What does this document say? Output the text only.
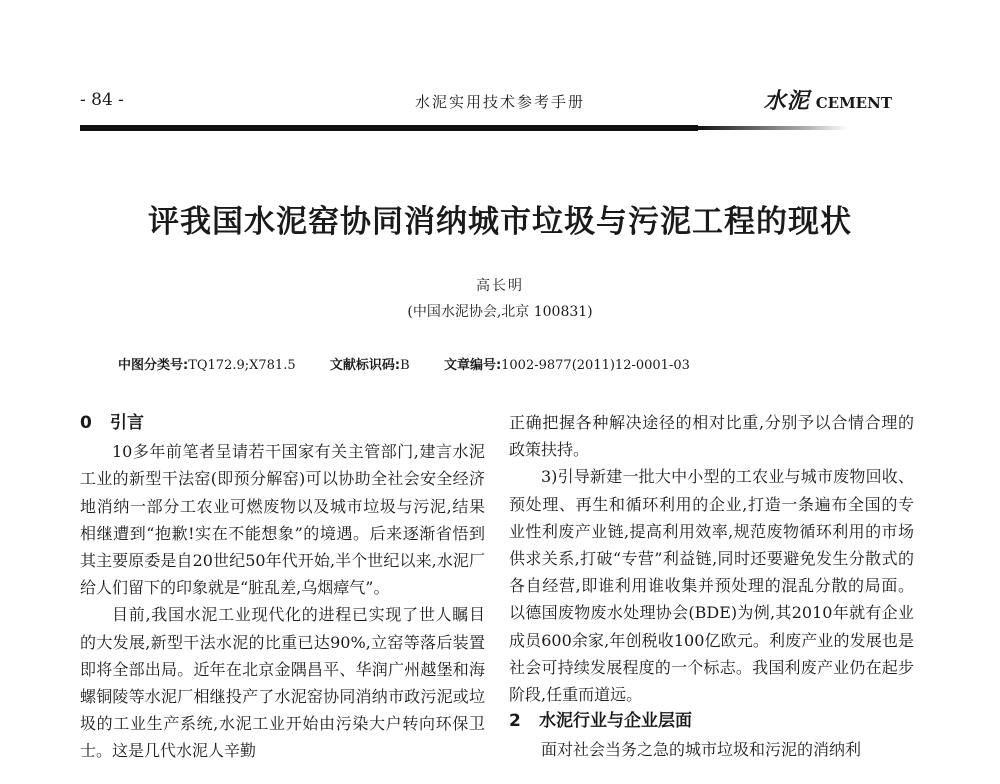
- 84 -	水泥实用技术参考手册	水泥 CEMENT
评我国水泥窑协同消纳城市垃圾与污泥工程的现状
高长明
(中国水泥协会,北京 100831)
中图分类号:TQ172.9;X781.5	文献标识码:B	文章编号:1002-9877(2011)12-0001-03
0 引言

10多年前笔者呈请若干国家有关主管部门,建言水泥工业的新型干法窑(即预分解窑)可以协助全社会安全经济地消纳一部分工农业可燃废物以及城市垃圾与污泥,结果相继遭到“抱歉!实在不能想象”的境遇。后来逐渐省悟到其主要原委是自20世纪50年代开始,半个世纪以来,水泥厂给人们留下的印象就是“脏乱差,乌烟瘴气”。

目前,我国水泥工业现代化的进程已实现了世人瞩目的大发展,新型干法水泥的比重已达90%,立窑等落后装置即将全部出局。近年在北京金隅昌平、华润广州越堡和海螺铜陵等水泥厂相继投产了水泥窑协同消纳市政污泥或垃圾的工业生产系统,水泥工业开始由污染大户转向环保卫士。这是几代水泥人辛勤

正确把握各种解决途径的相对比重,分别予以合情合理的政策扶持。

3)引导新建一批大中小型的工农业与城市废物回收、预处理、再生和循环利用的企业,打造一条遍布全国的专业性利废产业链,提高利用效率,规范废物循环利用的市场供求关系,打破“专营”利益链,同时还要避免发生分散式的各自经营,即谁利用谁收集并预处理的混乱分散的局面。以德国废物废水处理协会(BDE)为例,其2010年就有企业成员600余家,年创税收100亿欧元。利废产业的发展也是社会可持续发展程度的一个标志。我国利废产业仍在起步阶段,任重而道远。

2 水泥行业与企业层面

面对社会当务之急的城市垃圾和污泥的消纳利
